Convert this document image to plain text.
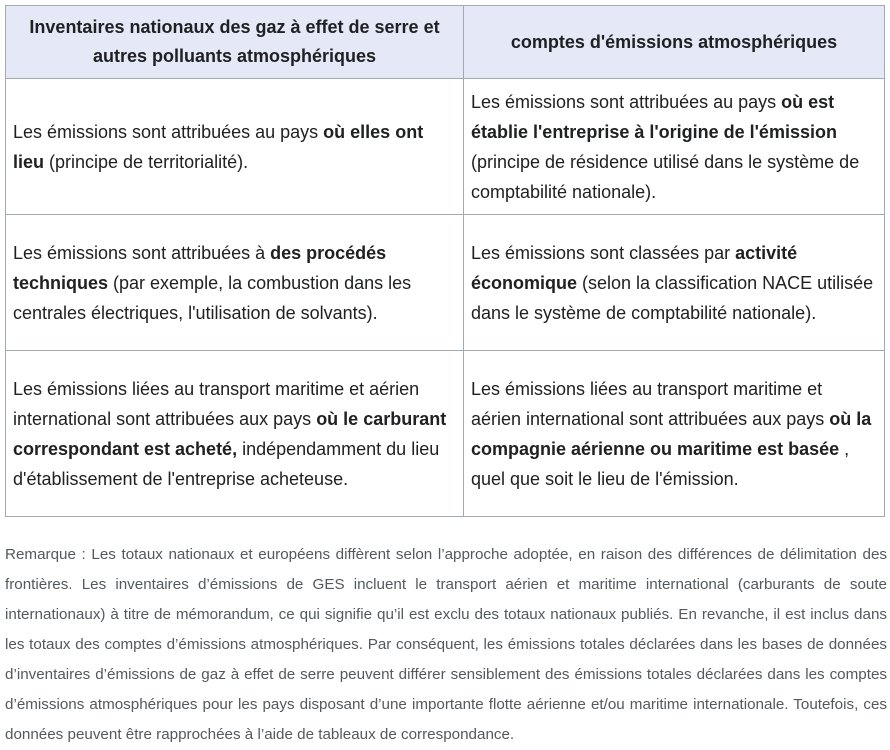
Inventaires nationaux des gaz à effet de serre et autres polluants atmosphériques	comptes d'émissions atmosphériques
Les émissions sont attribuées au pays où elles ont lieu (principe de territorialité).	Les émissions sont attribuées au pays où est établie l'entreprise à l'origine de l'émission (principe de résidence utilisé dans le système de comptabilité nationale).
Les émissions sont attribuées à des procédés techniques (par exemple, la combustion dans les centrales électriques, l'utilisation de solvants).	Les émissions sont classées par activité économique (selon la classification NACE utilisée dans le système de comptabilité nationale).
Les émissions liées au transport maritime et aérien international sont attribuées aux pays où le carburant correspondant est acheté, indépendamment du lieu d'établissement de l'entreprise acheteuse.	Les émissions liées au transport maritime et aérien international sont attribuées aux pays où la compagnie aérienne ou maritime est basée , quel que soit le lieu de l'émission.

Remarque : Les totaux nationaux et européens diffèrent selon l’approche adoptée, en raison des différences de délimitation des frontières. Les inventaires d’émissions de GES incluent le transport aérien et maritime international (carburants de soute internationaux) à titre de mémorandum, ce qui signifie qu’il est exclu des totaux nationaux publiés. En revanche, il est inclus dans les totaux des comptes d’émissions atmosphériques. Par conséquent, les émissions totales déclarées dans les bases de données d’inventaires d’émissions de gaz à effet de serre peuvent différer sensiblement des émissions totales déclarées dans les comptes d’émissions atmosphériques pour les pays disposant d’une importante flotte aérienne et/ou maritime internationale. Toutefois, ces données peuvent être rapprochées à l’aide de tableaux de correspondance.
